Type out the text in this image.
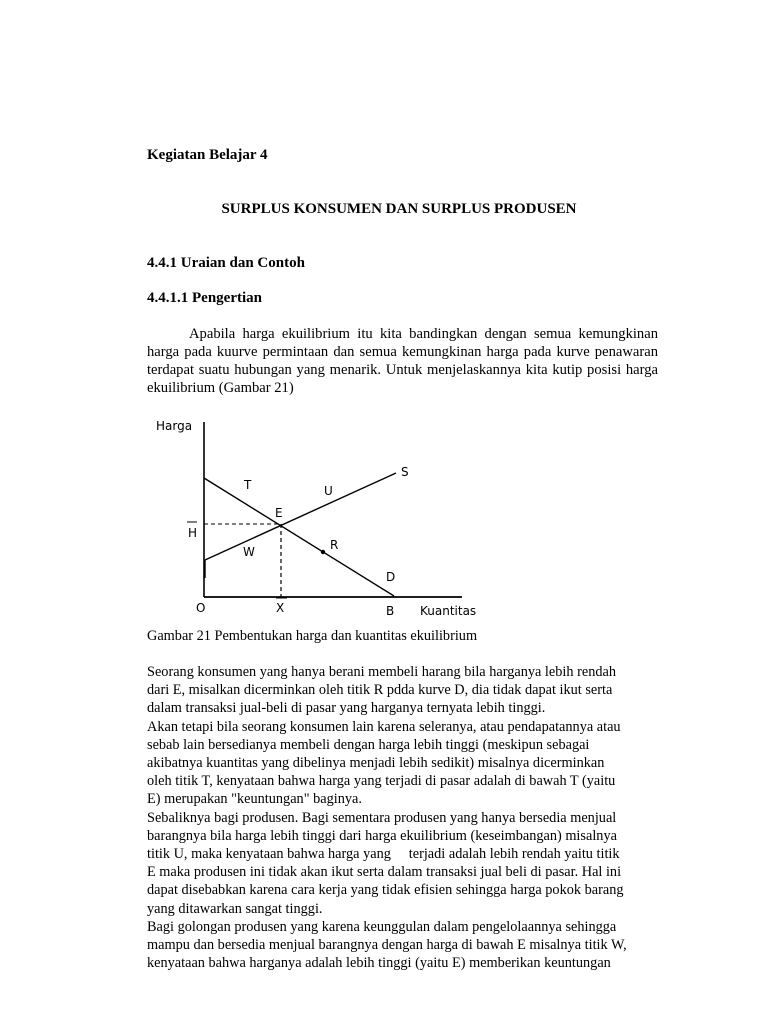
Kegiatan Belajar 4
SURPLUS KONSUMEN DAN SURPLUS PRODUSEN
4.4.1 Uraian dan Contoh
4.4.1.1 Pengertian
Apabila harga ekuilibrium itu kita bandingkan dengan semua kemungkinan harga pada kuurve permintaan dan semua kemungkinan harga pada kurve penawaran terdapat suatu hubungan yang menarik. Untuk menjelaskannya kita kutip posisi harga ekuilibrium (Gambar 21)
Harga
Kuantitas
O
H
X
S
T	U
E
R
W
D
B
Gambar 21 Pembentukan harga dan kuantitas ekuilibrium
Seorang konsumen yang hanya berani membeli harang bila harganya lebih rendah
dari E, misalkan dicerminkan oleh titik R pdda kurve D, dia tidak dapat ikut serta
dalam transaksi jual-beli di pasar yang harganya ternyata lebih tinggi.
Akan tetapi bila seorang konsumen lain karena seleranya, atau pendapatannya atau
sebab lain bersedianya membeli dengan harga lebih tinggi (meskipun sebagai
akibatnya kuantitas yang dibelinya menjadi lebih sedikit) misalnya dicerminkan
oleh titik T, kenyataan bahwa harga yang terjadi di pasar adalah di bawah T (yaitu
E) merupakan "keuntungan" baginya.
Sebaliknya bagi produsen. Bagi sementara produsen yang hanya bersedia menjual
barangnya bila harga lebih tinggi dari harga ekuilibrium (keseimbangan) misalnya
titik U, maka kenyataan bahwa harga yang     terjadi adalah lebih rendah yaitu titik
E maka produsen ini tidak akan ikut serta dalam transaksi jual beli di pasar. Hal ini
dapat disebabkan karena cara kerja yang tidak efisien sehingga harga pokok barang
yang ditawarkan sangat tinggi.
Bagi golongan produsen yang karena keunggulan dalam pengelolaannya sehingga
mampu dan bersedia menjual barangnya dengan harga di bawah E misalnya titik W,
kenyataan bahwa harganya adalah lebih tinggi (yaitu E) memberikan keuntungan
